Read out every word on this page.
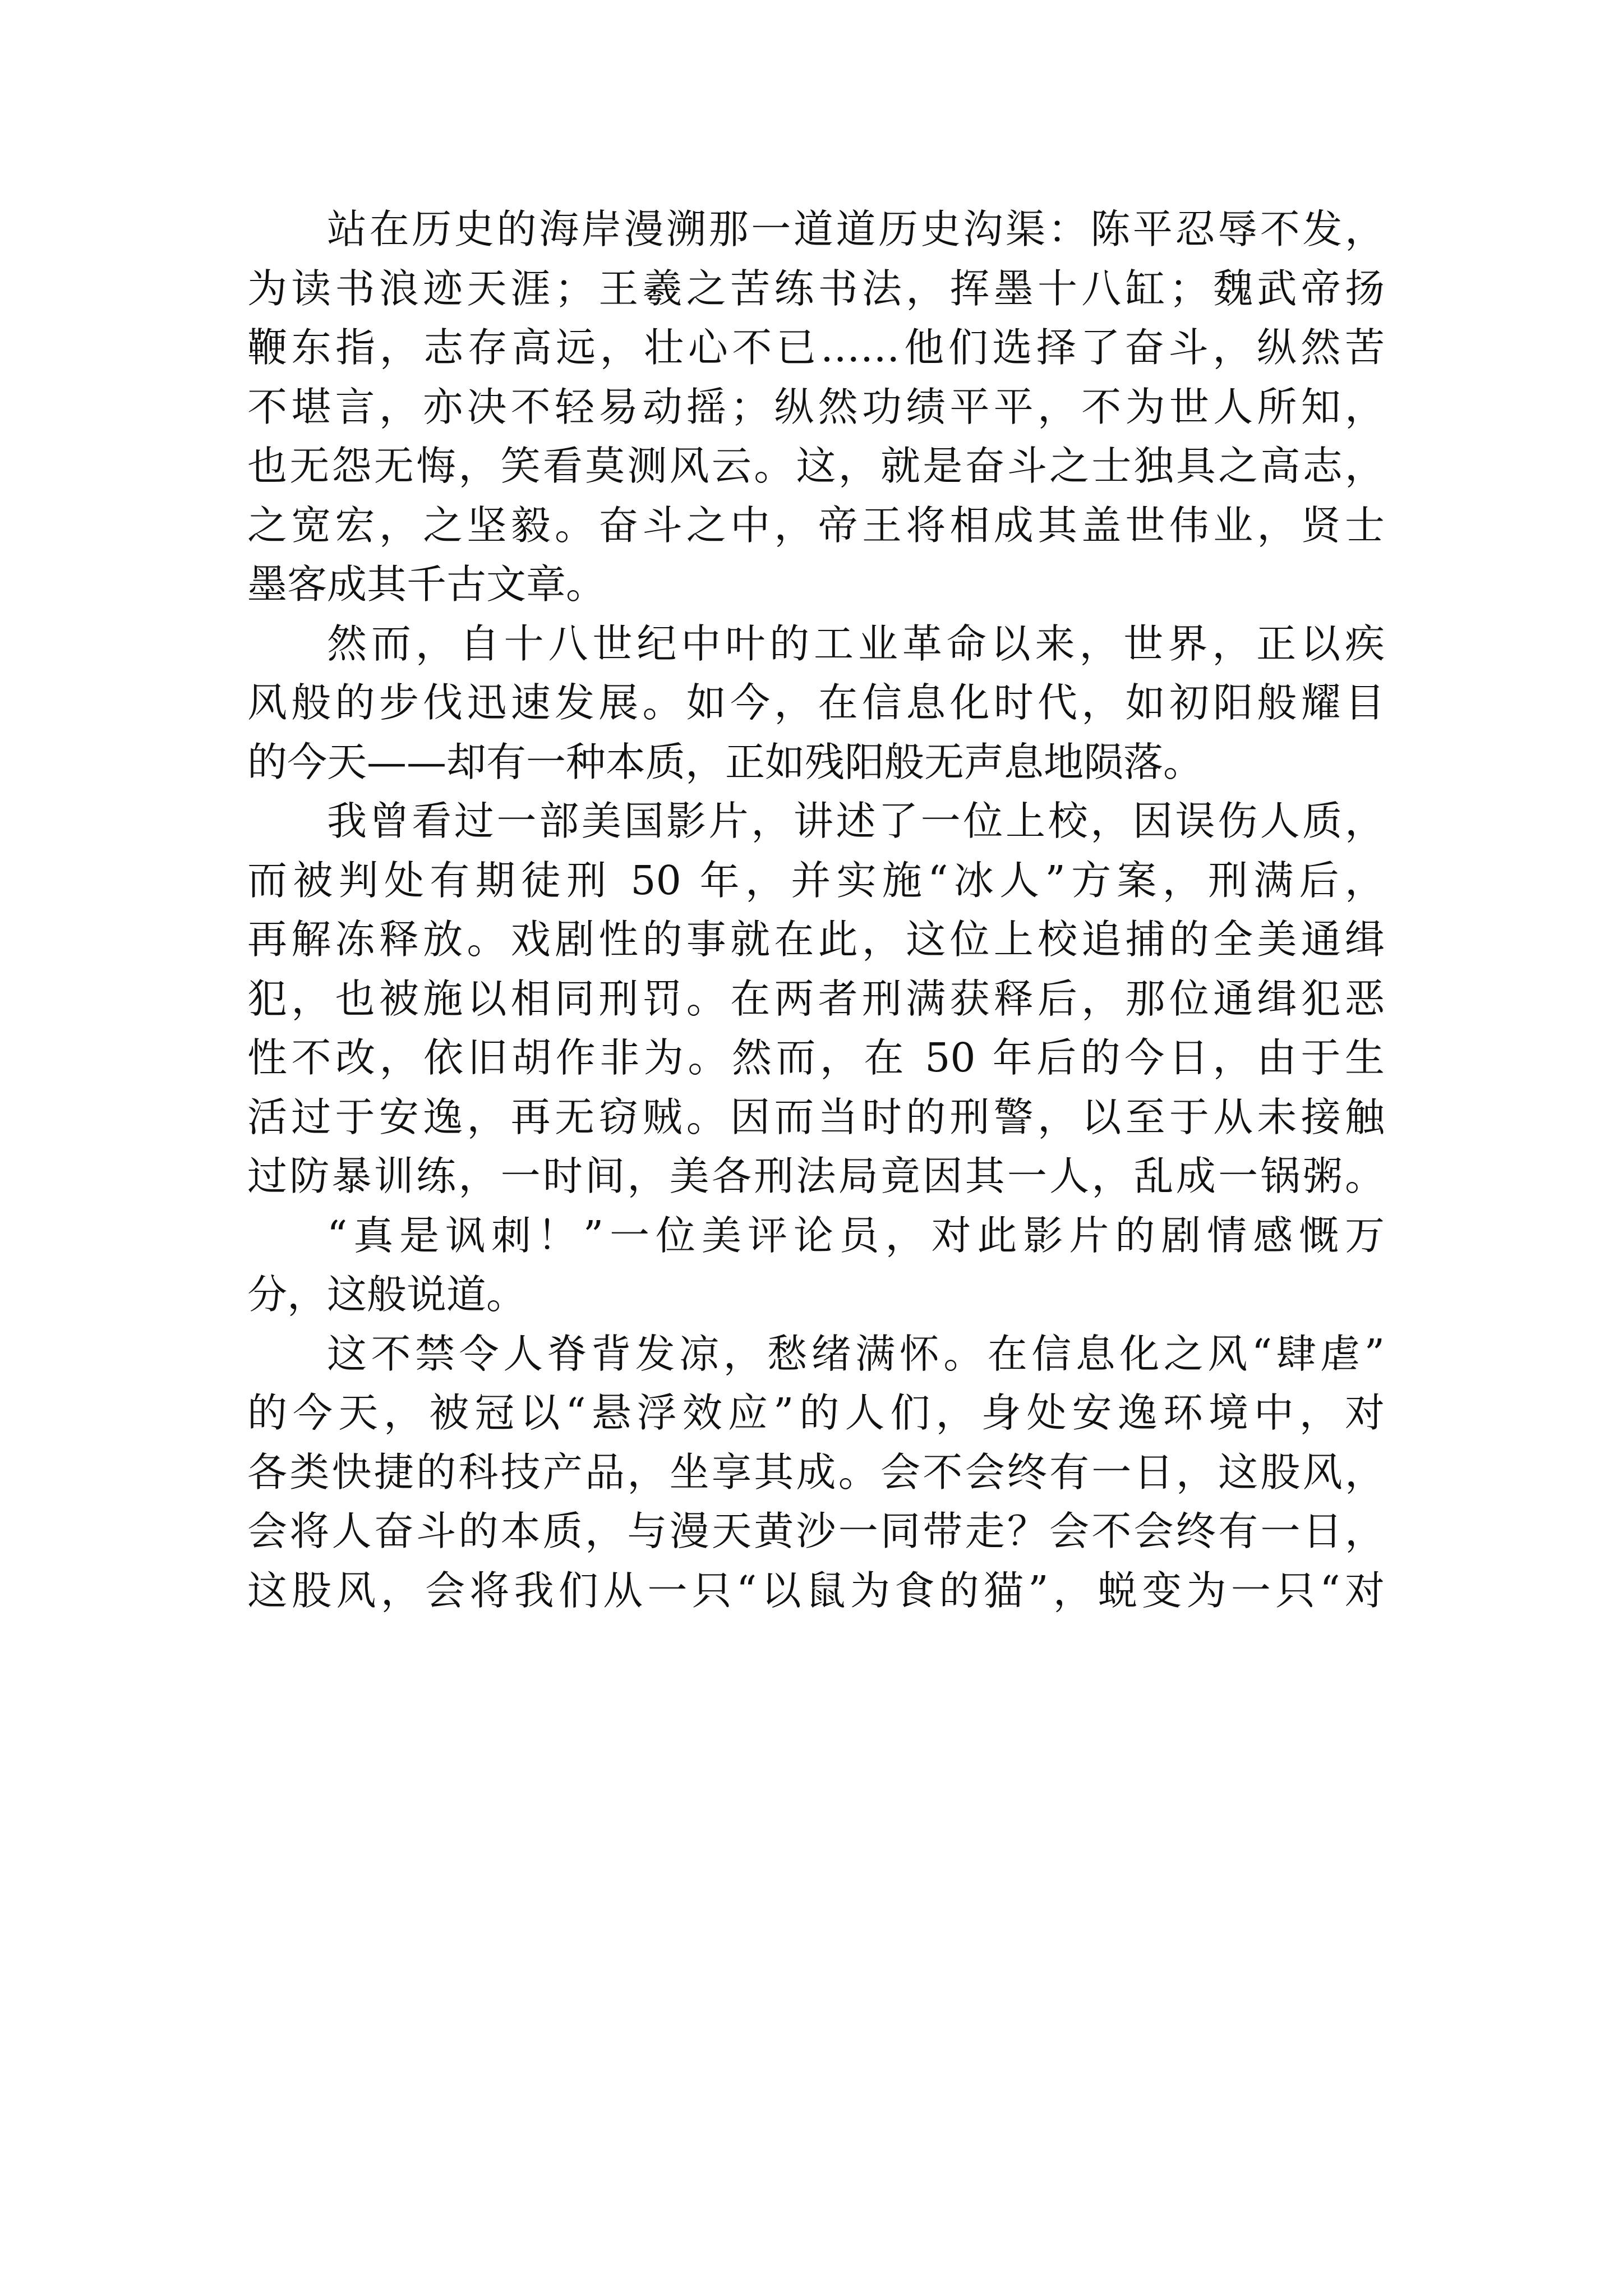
站在历史的海岸漫溯那一道道历史沟渠：陈平忍辱不发，
为读书浪迹天涯；王羲之苦练书法，挥墨十八缸；魏武帝扬
鞭东指，志存高远，壮心不已……他们选择了奋斗，纵然苦
不堪言，亦决不轻易动摇；纵然功绩平平，不为世人所知，
也无怨无悔，笑看莫测风云。这，就是奋斗之士独具之高志，
之宽宏，之坚毅。奋斗之中，帝王将相成其盖世伟业，贤士
墨客成其千古文章。
然而，自十八世纪中叶的工业革命以来，世界，正以疾
风般的步伐迅速发展。如今，在信息化时代，如初阳般耀目
的今天——却有一种本质，正如残阳般无声息地陨落。
我曾看过一部美国影片，讲述了一位上校，因误伤人质，
而被判处有期徒刑 50 年，并实施“冰人”方案，刑满后，
再解冻释放。戏剧性的事就在此，这位上校追捕的全美通缉
犯，也被施以相同刑罚。在两者刑满获释后，那位通缉犯恶
性不改，依旧胡作非为。然而，在 50 年后的今日，由于生
活过于安逸，再无窃贼。因而当时的刑警，以至于从未接触
过防暴训练，一时间，美各刑法局竟因其一人，乱成一锅粥。
“真是讽刺！”一位美评论员，对此影片的剧情感慨万
分，这般说道。
这不禁令人脊背发凉，愁绪满怀。在信息化之风“肆虐”
的今天，被冠以“悬浮效应”的人们，身处安逸环境中，对
各类快捷的科技产品，坐享其成。会不会终有一日，这股风，
会将人奋斗的本质，与漫天黄沙一同带走？会不会终有一日，
这股风，会将我们从一只“以鼠为食的猫”，蜕变为一只“对
